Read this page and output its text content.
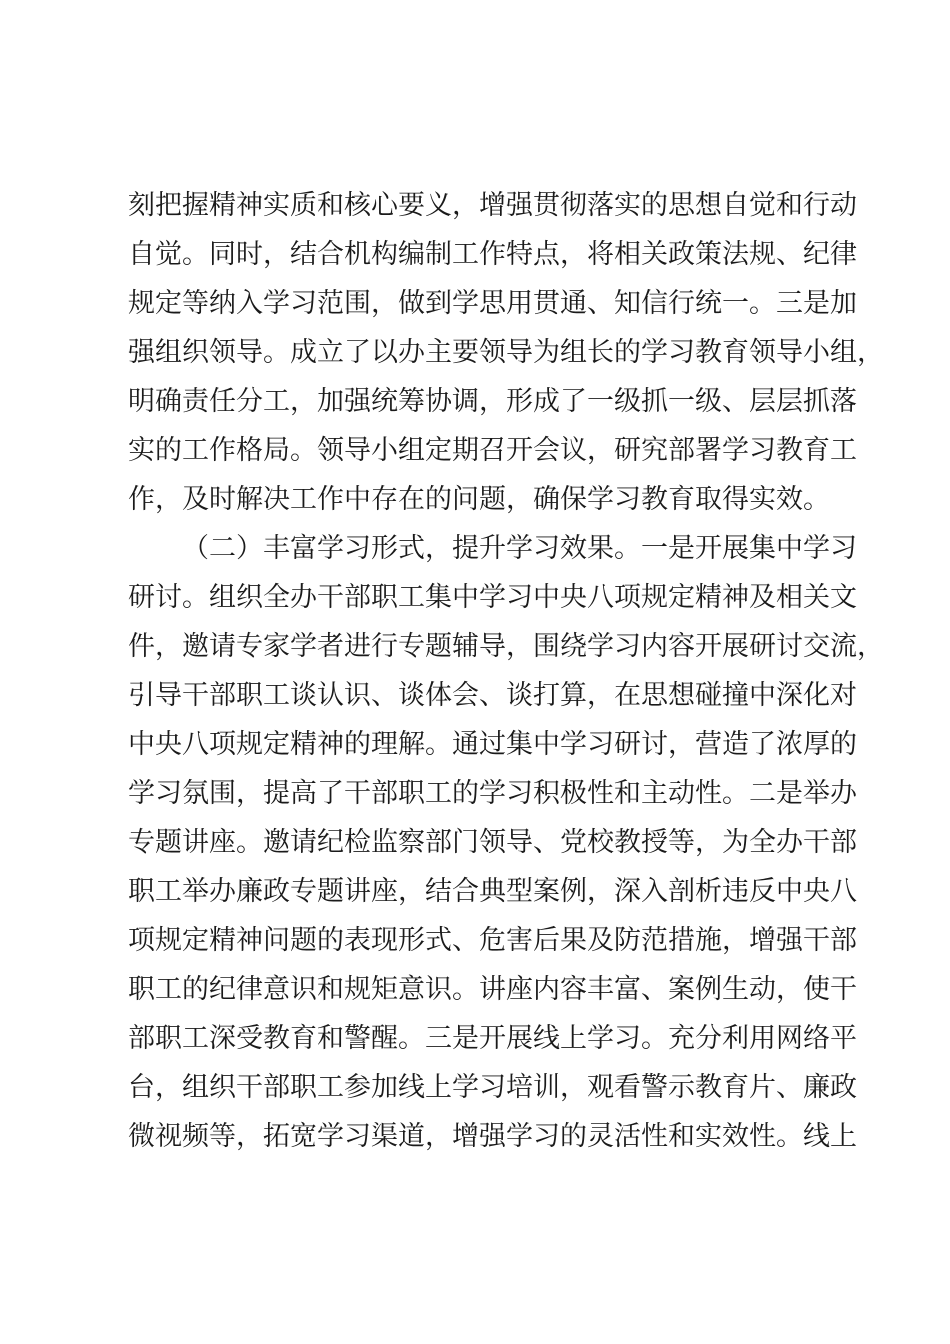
刻把握精神实质和核心要义，增强贯彻落实的思想自觉和行动
自觉。同时，结合机构编制工作特点，将相关政策法规、纪律
规定等纳入学习范围，做到学思用贯通、知信行统一。三是加
强组织领导。成立了以办主要领导为组长的学习教育领导小组，
明确责任分工，加强统筹协调，形成了一级抓一级、层层抓落
实的工作格局。领导小组定期召开会议，研究部署学习教育工
作，及时解决工作中存在的问题，确保学习教育取得实效。
（二）丰富学习形式，提升学习效果。一是开展集中学习
研讨。组织全办干部职工集中学习中央八项规定精神及相关文
件，邀请专家学者进行专题辅导，围绕学习内容开展研讨交流，
引导干部职工谈认识、谈体会、谈打算，在思想碰撞中深化对
中央八项规定精神的理解。通过集中学习研讨，营造了浓厚的
学习氛围，提高了干部职工的学习积极性和主动性。二是举办
专题讲座。邀请纪检监察部门领导、党校教授等，为全办干部
职工举办廉政专题讲座，结合典型案例，深入剖析违反中央八
项规定精神问题的表现形式、危害后果及防范措施，增强干部
职工的纪律意识和规矩意识。讲座内容丰富、案例生动，使干
部职工深受教育和警醒。三是开展线上学习。充分利用网络平
台，组织干部职工参加线上学习培训，观看警示教育片、廉政
微视频等，拓宽学习渠道，增强学习的灵活性和实效性。线上
